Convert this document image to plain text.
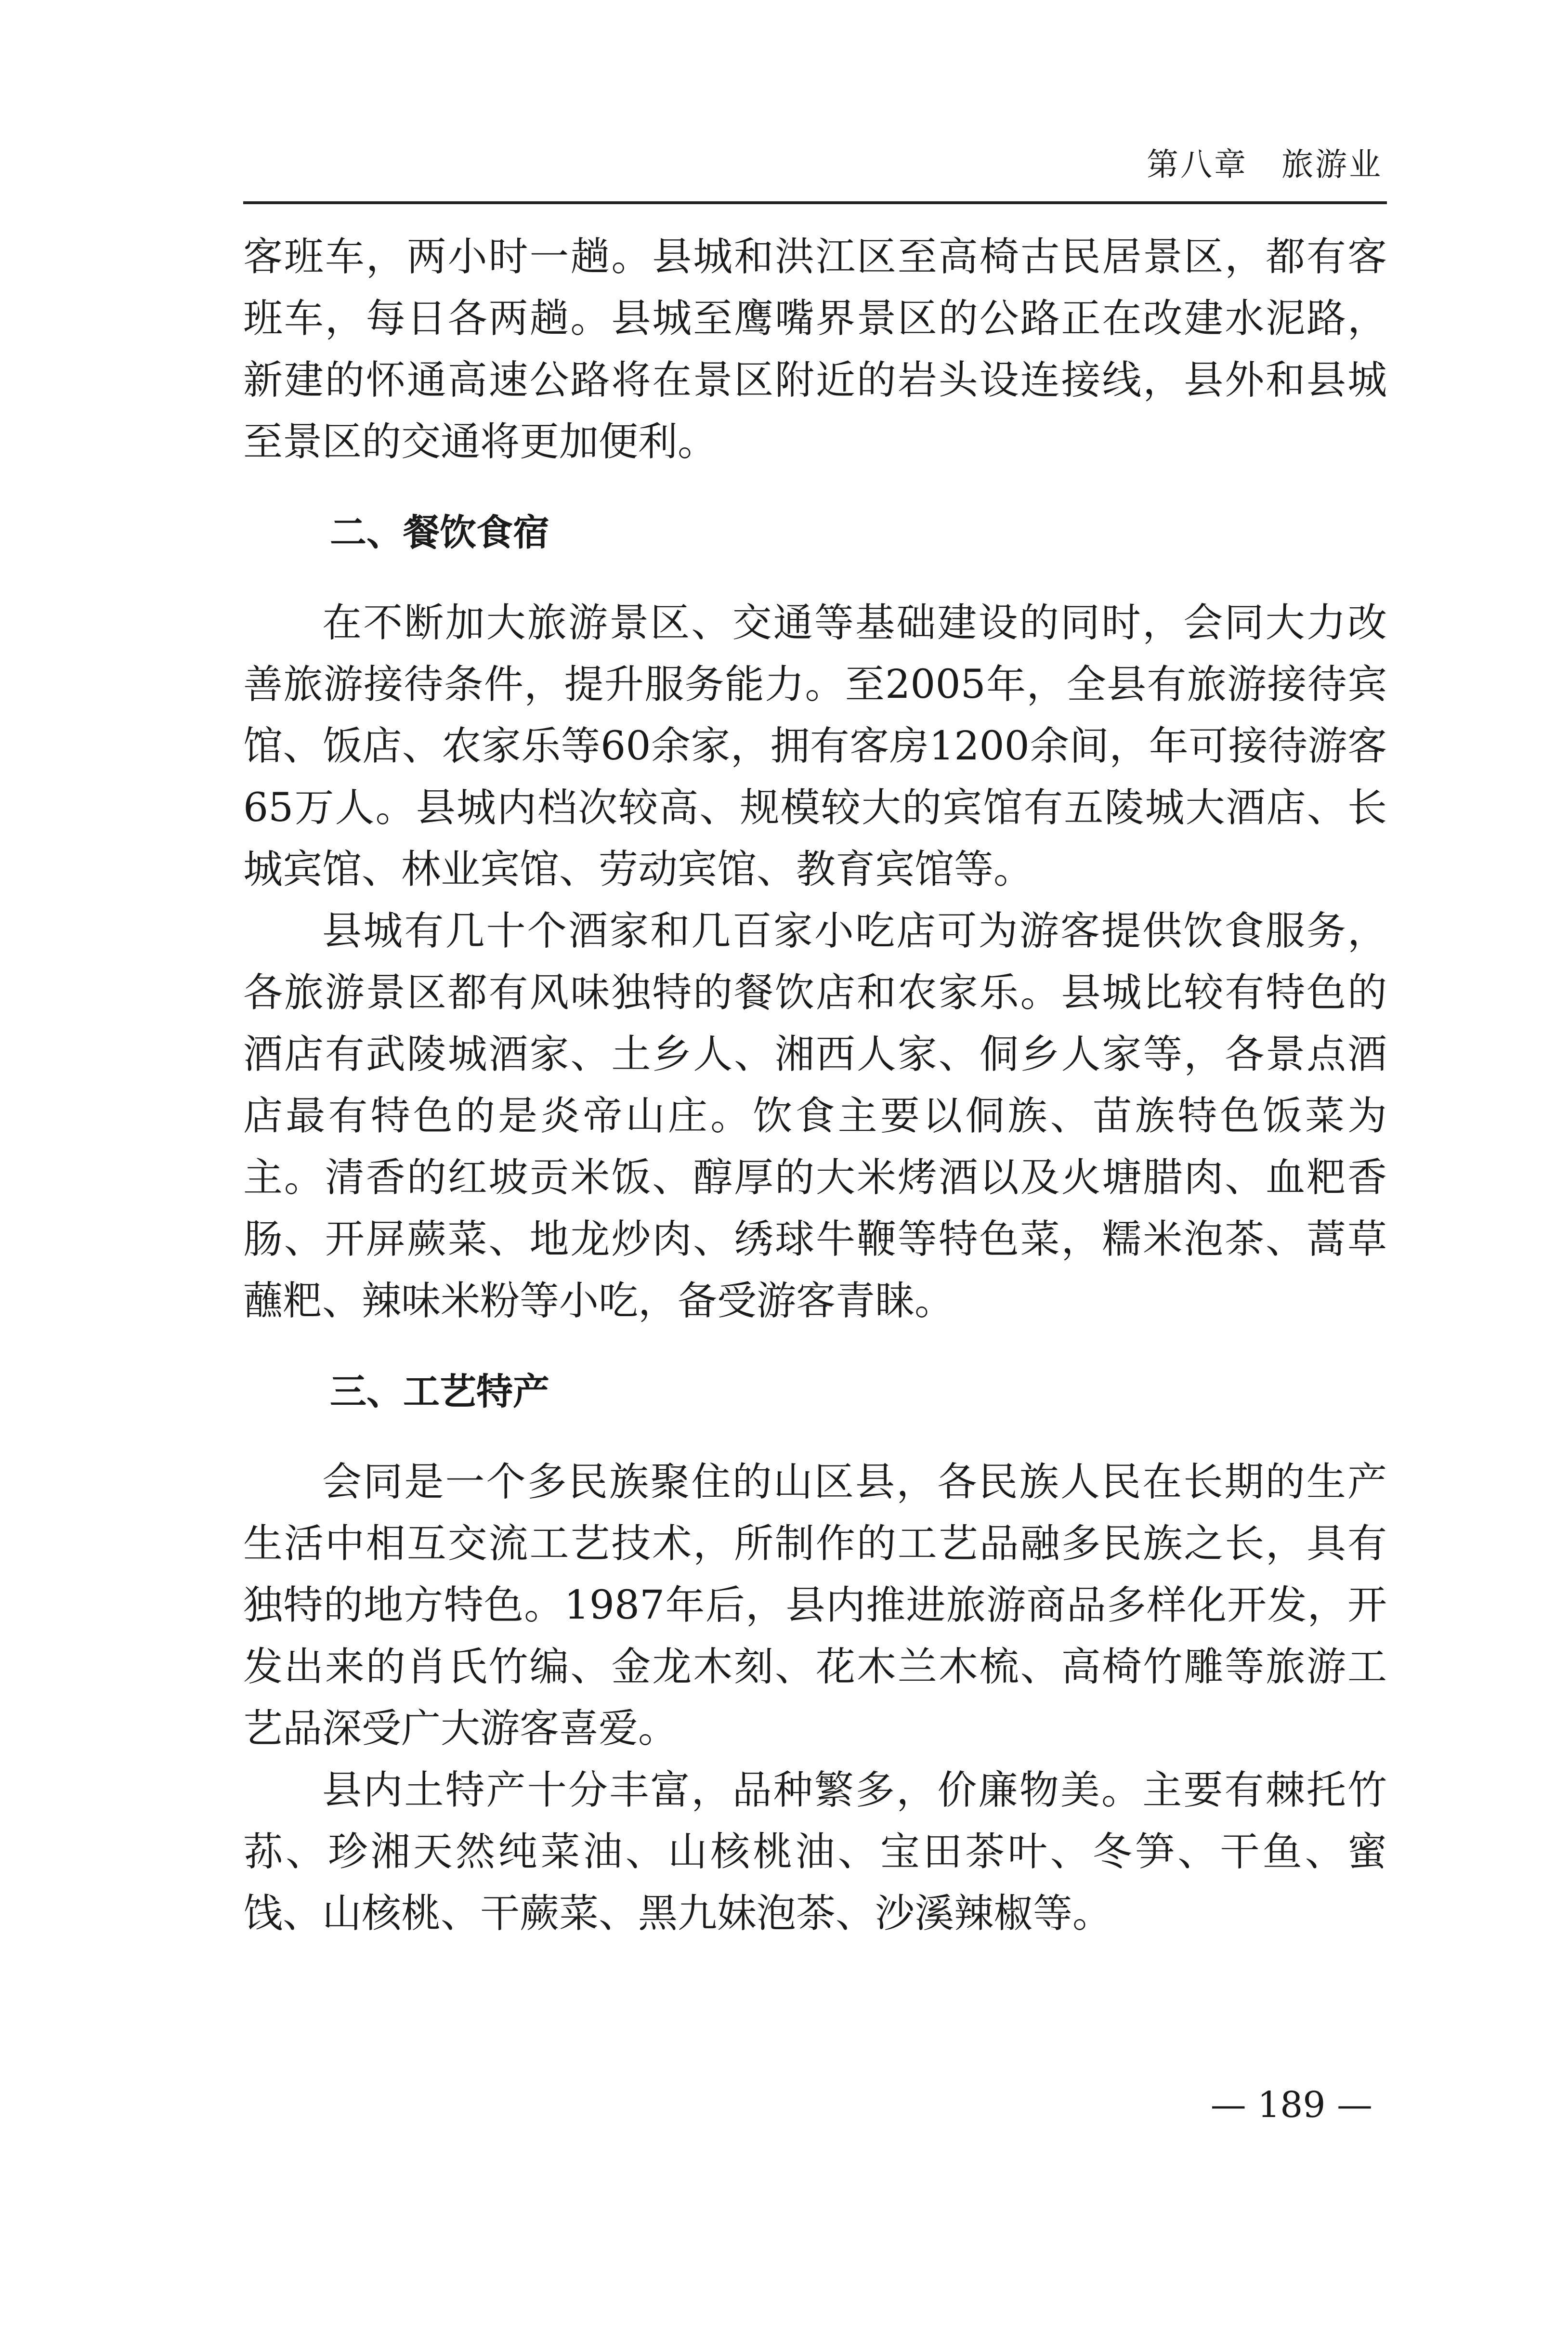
第八章　旅游业

客班车，两小时一趟。县城和洪江区至高椅古民居景区，都有客班车，每日各两趟。县城至鹰嘴界景区的公路正在改建水泥路，新建的怀通高速公路将在景区附近的岩头设连接线，县外和县城至景区的交通将更加便利。

二、餐饮食宿

在不断加大旅游景区、交通等基础建设的同时，会同大力改善旅游接待条件，提升服务能力。至2005年，全县有旅游接待宾馆、饭店、农家乐等60余家，拥有客房1200余间，年可接待游客65万人。县城内档次较高、规模较大的宾馆有五陵城大酒店、长城宾馆、林业宾馆、劳动宾馆、教育宾馆等。

县城有几十个酒家和几百家小吃店可为游客提供饮食服务，各旅游景区都有风味独特的餐饮店和农家乐。县城比较有特色的酒店有武陵城酒家、土乡人、湘西人家、侗乡人家等，各景点酒店最有特色的是炎帝山庄。饮食主要以侗族、苗族特色饭菜为主。清香的红坡贡米饭、醇厚的大米烤酒以及火塘腊肉、血粑香肠、开屏蕨菜、地龙炒肉、绣球牛鞭等特色菜，糯米泡茶、蒿草蘸粑、辣味米粉等小吃，备受游客青睐。

三、工艺特产

会同是一个多民族聚住的山区县，各民族人民在长期的生产生活中相互交流工艺技术，所制作的工艺品融多民族之长，具有独特的地方特色。1987年后，县内推进旅游商品多样化开发，开发出来的肖氏竹编、金龙木刻、花木兰木梳、高椅竹雕等旅游工艺品深受广大游客喜爱。

县内土特产十分丰富，品种繁多，价廉物美。主要有棘托竹荪、珍湘天然纯菜油、山核桃油、宝田茶叶、冬笋、干鱼、蜜饯、山核桃、干蕨菜、黑九妹泡茶、沙溪辣椒等。

— 189 —
